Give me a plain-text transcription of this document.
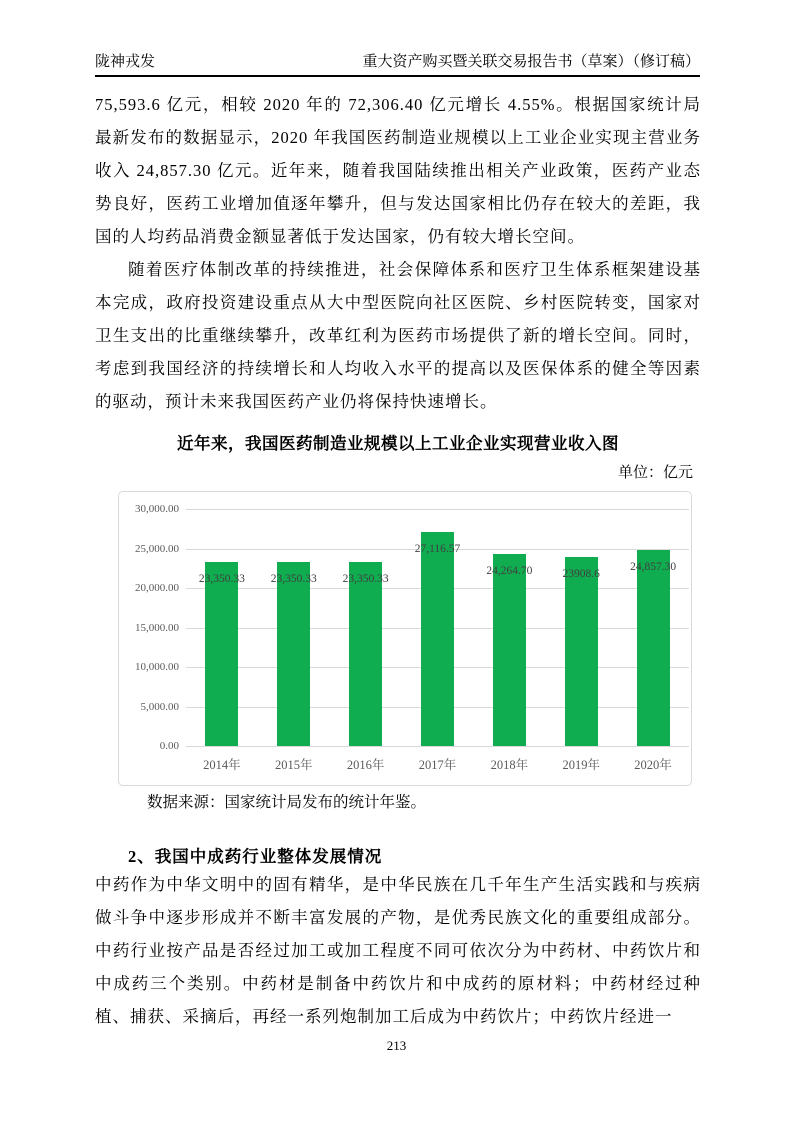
陇神戎发	重大资产购买暨关联交易报告书（草案）（修订稿）
75,593.6 亿元，相较 2020 年的 72,306.40 亿元增长 4.55%。根据国家统计局最新发布的数据显示，2020 年我国医药制造业规模以上工业企业实现主营业务收入 24,857.30 亿元。近年来，随着我国陆续推出相关产业政策，医药产业态势良好，医药工业增加值逐年攀升，但与发达国家相比仍存在较大的差距，我国的人均药品消费金额显著低于发达国家，仍有较大增长空间。
随着医疗体制改革的持续推进，社会保障体系和医疗卫生体系框架建设基本完成，政府投资建设重点从大中型医院向社区医院、乡村医院转变，国家对卫生支出的比重继续攀升，改革红利为医药市场提供了新的增长空间。同时，考虑到我国经济的持续增长和人均收入水平的提高以及医保体系的健全等因素的驱动，预计未来我国医药产业仍将保持快速增长。
近年来，我国医药制造业规模以上工业企业实现营业收入图
单位：亿元
0.00
5,000.00
10,000.00
15,000.00
20,000.00
25,000.00
30,000.00
23,350.33
2014年
23,350.33
2015年
23,350.33
2016年
27,116.57
2017年
24,264.70
2018年
23908.6
2019年
24,857.30
2020年
数据来源：国家统计局发布的统计年鉴。
2、我国中成药行业整体发展情况
中药作为中华文明中的固有精华，是中华民族在几千年生产生活实践和与疾病做斗争中逐步形成并不断丰富发展的产物，是优秀民族文化的重要组成部分。中药行业按产品是否经过加工或加工程度不同可依次分为中药材、中药饮片和中成药三个类别。中药材是制备中药饮片和中成药的原材料；中药材经过种植、捕获、采摘后，再经一系列炮制加工后成为中药饮片；中药饮片经进一
213
